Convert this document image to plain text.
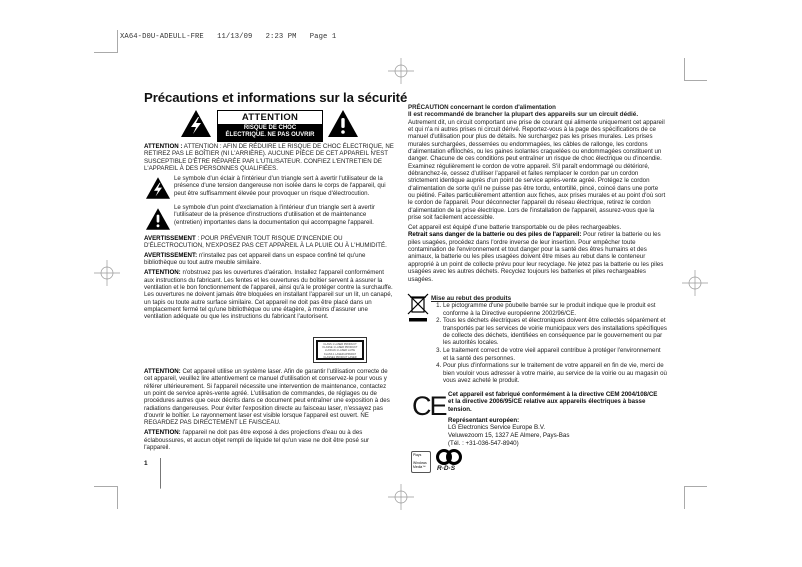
XA64-D0U-ADEULL-FRE   11/13/09   2:23 PM   Page 1
Précautions et informations sur la sécurité
ATTENTION
RISQUE DE CHOC
ÉLECTRIQUE. NE PAS OUVRIR

ATTENTION : ATTENTION : AFIN DE RÉDUIRE LE RISQUE DE CHOC ÉLECTRIQUE, NE RETIREZ PAS LE BOÎTIER (NI L'ARRIÈRE). AUCUNE PIÈCE DE CET APPAREIL N'EST SUSCEPTIBLE D'ÊTRE RÉPARÉE PAR L'UTILISATEUR. CONFIEZ L'ENTRETIEN DE L'APPAREIL À DES PERSONNES QUALIFIÉES.

Le symbole d'un éclair à l'intérieur d'un triangle sert à avertir l'utilisateur de la présence d'une tension dangereuse non isolée dans le corps de l'appareil, qui peut être suffisamment élevée pour provoquer un risque d'électrocution.
Le symbole d'un point d'exclamation à l'intérieur d'un triangle sert à avertir l'utilisateur de la présence d'instructions d'utilisation et de maintenance (entretien) importantes dans la documentation qui accompagne l'appareil.

AVERTISSEMENT : POUR PRÉVENIR TOUT RISQUE D'INCENDIE OU D'ÉLECTROCUTION, N'EXPOSEZ PAS CET APPAREIL À LA PLUIE OU À L'HUMIDITÉ.

AVERTISSEMENT: n'installez pas cet appareil dans un espace confiné tel qu'une bibliothèque ou tout autre meuble similaire.

ATTENTION: n'obstruez pas les ouvertures d'aération. Installez l'appareil conformément aux instructions du fabricant. Les fentes et les ouvertures du boîtier servent à assurer la ventilation et le bon fonctionnement de l'appareil, ainsi qu'à le protéger contre la surchauffe. Les ouvertures ne doivent jamais être bloquées en installant l'appareil sur un lit, un canapé, un tapis ou toute autre surface similaire. Cet appareil ne doit pas être placé dans un emplacement fermé tel qu'une bibliothèque ou une étagère, à moins d'assurer une ventilation adéquate ou que les instructions du fabricant l'autorisent.

CLASS 1 LASER PRODUCT
KLASSE 1 LASER PRODUKT
LUOKAN 1 LASER LAITE
KLASS 1 LASER APPARAT
CLASSE1 PRODUIT LASER

ATTENTION: Cet appareil utilise un système laser. Afin de garantir l'utilisation correcte de cet appareil, veuillez lire attentivement ce manuel d'utilisation et conservez-le pour vous y référer ultérieurement. Si l'appareil nécessite une intervention de maintenance, contactez un point de service après-vente agréé. L'utilisation de commandes, de réglages ou de procédures autres que ceux décrits dans ce document peut entraîner une exposition à des radiations dangereuses. Pour éviter l'exposition directe au faisceau laser, n'essayez pas d'ouvrir le boîtier. Le rayonnement laser est visible lorsque l'appareil est ouvert. NE REGARDEZ PAS DIRECTEMENT LE FAISCEAU.

ATTENTION: l'appareil ne doit pas être exposé à des projections d'eau ou à des éclaboussures, et aucun objet rempli de liquide tel qu'un vase ne doit être posé sur l'appareil.

1
PRÉCAUTION concernant le cordon d'alimentation
Il est recommandé de brancher la plupart des appareils sur un circuit dédié.

Autrement dit, un circuit comportant une prise de courant qui alimente uniquement cet appareil et qui n'a ni autres prises ni circuit dérivé. Reportez-vous à la page des spécifications de ce manuel d'utilisation pour plus de détails. Ne surchargez pas les prises murales. Les prises murales surchargées, desserrées ou endommagées, les câbles de rallonge, les cordons d'alimentation effilochés, ou les gaines isolantes craquelées ou endommagées constituent un danger. Chacune de ces conditions peut entraîner un risque de choc électrique ou d'incendie. Examinez régulièrement le cordon de votre appareil. S'il paraît endommagé ou détérioré, débranchez-le, cessez d'utiliser l'appareil et faites remplacer le cordon par un cordon strictement identique auprès d'un point de service après-vente agréé. Protégez le cordon d'alimentation de sorte qu'il ne puisse pas être tordu, entortillé, pincé, coincé dans une porte ou piétiné. Faites particulièrement attention aux fiches, aux prises murales et au point d'où sort le cordon de l'appareil. Pour déconnecter l'appareil du réseau électrique, retirez le cordon d'alimentation de la prise électrique. Lors de l'installation de l'appareil, assurez-vous que la prise soit facilement accessible.

Cet appareil est équipé d'une batterie transportable ou de piles rechargeables.
Retrait sans danger de la batterie ou des piles de l'appareil: Pour retirer la batterie ou les piles usagées, procédez dans l'ordre inverse de leur insertion. Pour empêcher toute contamination de l'environnement et tout danger pour la santé des êtres humains et des animaux, la batterie ou les piles usagées doivent être mises au rebut dans le conteneur approprié à un point de collecte prévu pour leur recyclage. Ne jetez pas la batterie ou les piles usagées avec les autres déchets. Recyclez toujours les batteries et piles rechargeables usagées.

Mise au rebut des produits
1. Le pictogramme d'une poubelle barrée sur le produit indique que le produit est conforme à la Directive européenne 2002/96/CE.
2. Tous les déchets électriques et électroniques doivent être collectés séparément et transportés par les services de voirie municipaux vers des installations spécifiques de collecte des déchets, identifiées en conséquence par le gouvernement ou par les autorités locales.
3. Le traitement correct de votre vieil appareil contribue à protéger l'environnement et la santé des personnes.
4. Pour plus d'informations sur le traitement de votre appareil en fin de vie, merci de bien vouloir vous adresser à votre mairie, au service de la voirie ou au magasin où vous avez acheté le produit.
CE Cet appareil est fabriqué conformément à la directive CEM 2004/108/CE et la directive 2006/95/CE relative aux appareils électriques à basse tension.
Représentant européen:
LG Electronics Service Europe B.V.
Veluwezoom 15, 1327 AE Almere, Pays-Bas
(Tél. : +31-036-547-8940)
Plays
Windows
Media™	R·D·S
